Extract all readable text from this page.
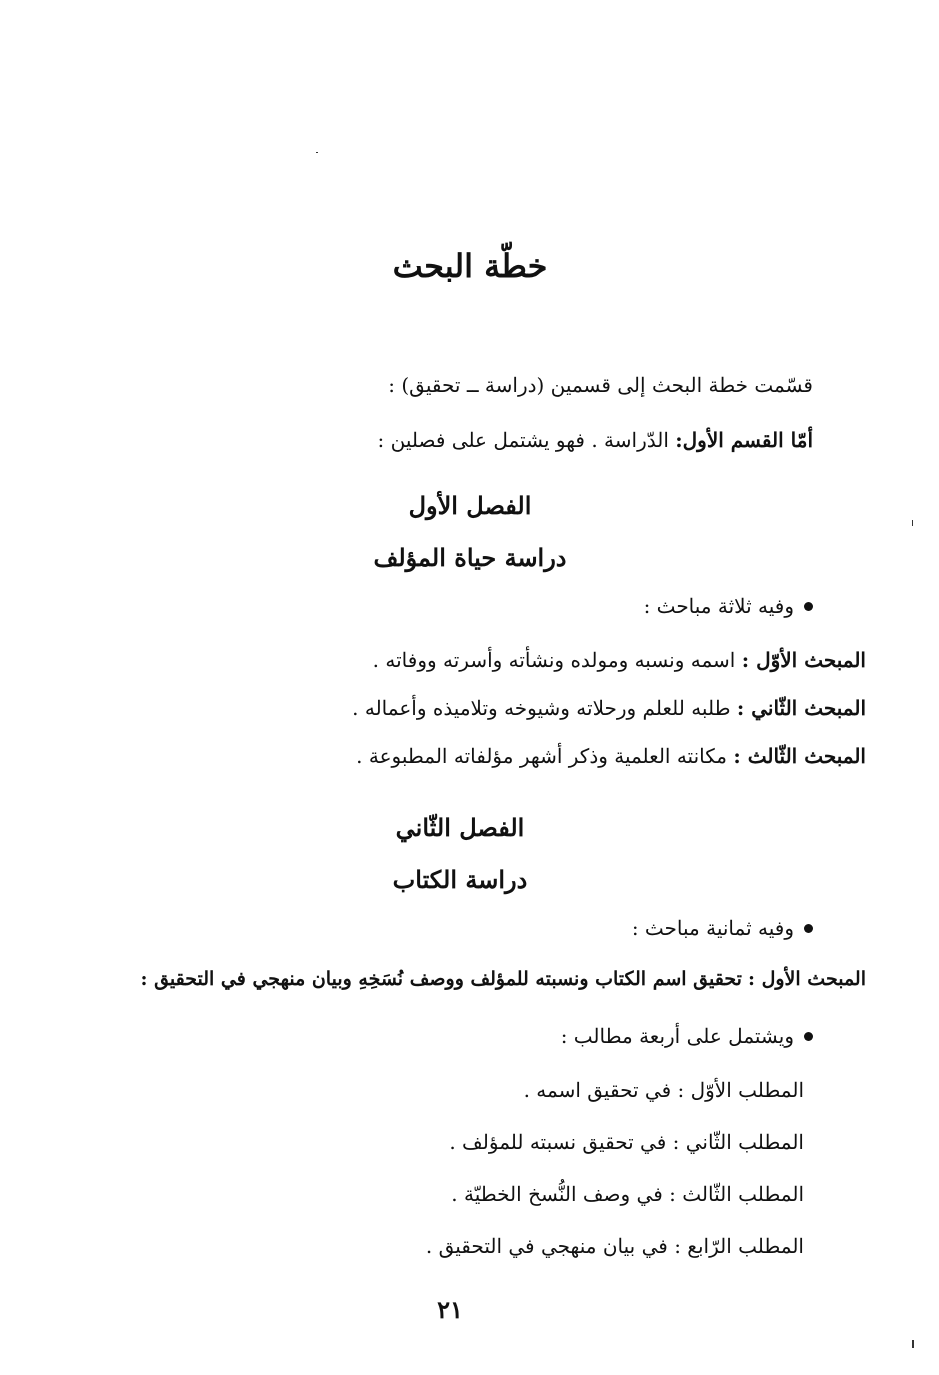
خطّة البحث
قسّمت خطة البحث إلى قسمين (دراسة ــ تحقيق) :
أمّا القسم الأول: الدّراسة . فهو يشتمل على فصلين :
الفصل الأول
دراسة حياة المؤلف
وفيه ثلاثة مباحث :
المبحث الأوّل : اسمه ونسبه ومولده ونشأته وأسرته ووفاته .
المبحث الثّاني : طلبه للعلم ورحلاته وشيوخه وتلاميذه وأعماله .
المبحث الثّالث : مكانته العلمية وذكر أشهر مؤلفاته المطبوعة .
الفصل الثّاني
دراسة الكتاب
وفيه ثمانية مباحث :
المبحث الأول : تحقيق اسم الكتاب ونسبته للمؤلف ووصف نُسَخِهِ وبيان منهجي في التحقيق :
ويشتمل على أربعة مطالب :
المطلب الأوّل : في تحقيق اسمه .
المطلب الثّاني : في تحقيق نسبته للمؤلف .
المطلب الثّالث : في وصف النُّسخ الخطيّة .
المطلب الرّابع : في بيان منهجي في التحقيق .
٢١
